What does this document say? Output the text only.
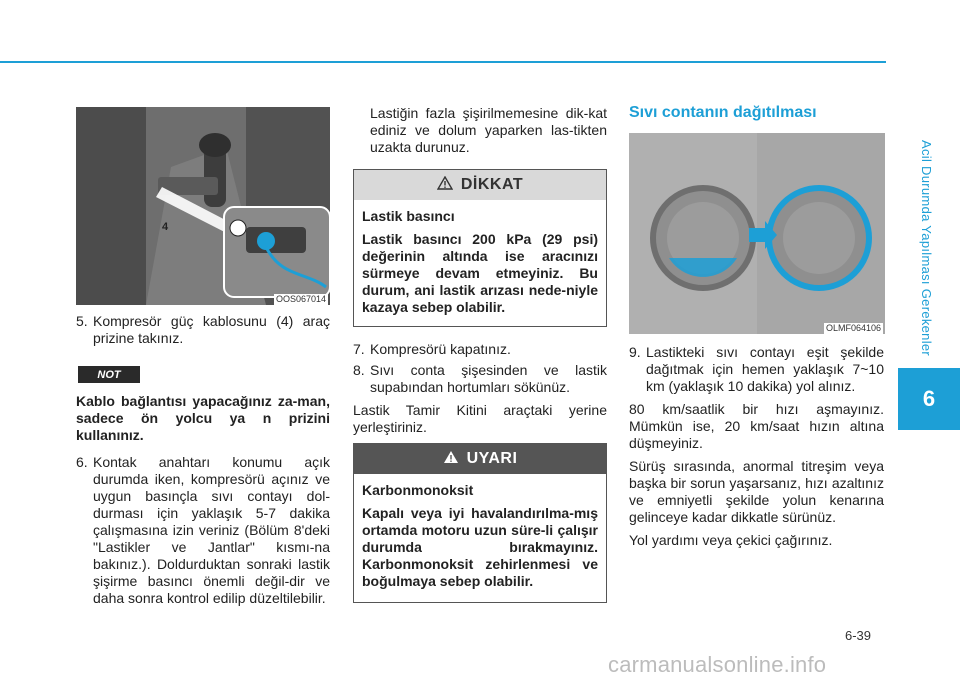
Acil Durumda Yapılması Gerekenler
6
4
OOS067014
5. Kompresör güç kablosunu (4) araç prizine takınız.
NOT

Kablo bağlantısı yapacağınız za-man, sadece ön yolcu ya n prizini kullanınız.

6. Kontak anahtarı konumu açık durumda iken, kompresörü açınız ve uygun basınçla sıvı contayı dol-durması için yaklaşık 5-7 dakika çalışmasına izin veriniz (Bölüm 8'deki "Lastikler ve Jantlar" kısmı-na bakınız.). Doldurduktan sonraki lastik şişirme basıncı önemli değil-dir ve daha sonra kontrol edilip düzeltilebilir.

Lastiğin fazla şişirilmemesine dik-kat ediniz ve dolum yaparken las-tikten uzakta durunuz.

DİKKAT

Lastik basıncı

Lastik basıncı 200 kPa (29 psi) değerinin altında ise aracınızı sürmeye devam etmeyiniz. Bu durum, ani lastik arızası nede-niyle kazaya sebep olabilir.

7. Kompresörü kapatınız.
8. Sıvı conta şişesinden ve lastik supabından hortumları sökünüz.

Lastik Tamir Kitini araçtaki yerine yerleştiriniz.

UYARI

Karbonmonoksit

Kapalı veya iyi havalandırılma-mış ortamda motoru uzun süre-li çalışır durumda bırakmayınız. Karbonmonoksit zehirlenmesi ve boğulmaya sebep olabilir.

Sıvı contanın dağıtılması
OLMF064106
9. Lastikteki sıvı contayı eşit şekilde dağıtmak için hemen yaklaşık 7~10 km (yaklaşık 10 dakika) yol alınız.

80 km/saatlik bir hızı aşmayınız. Mümkün ise, 20 km/saat hızın altına düşmeyiniz.

Sürüş sırasında, anormal titreşim veya başka bir sorun yaşarsanız, hızı azaltınız ve emniyetli şekilde yolun kenarına gelinceye kadar dikkatle sürünüz.

Yol yardımı veya çekici çağırınız.

6-39
carmanualsonline.info
